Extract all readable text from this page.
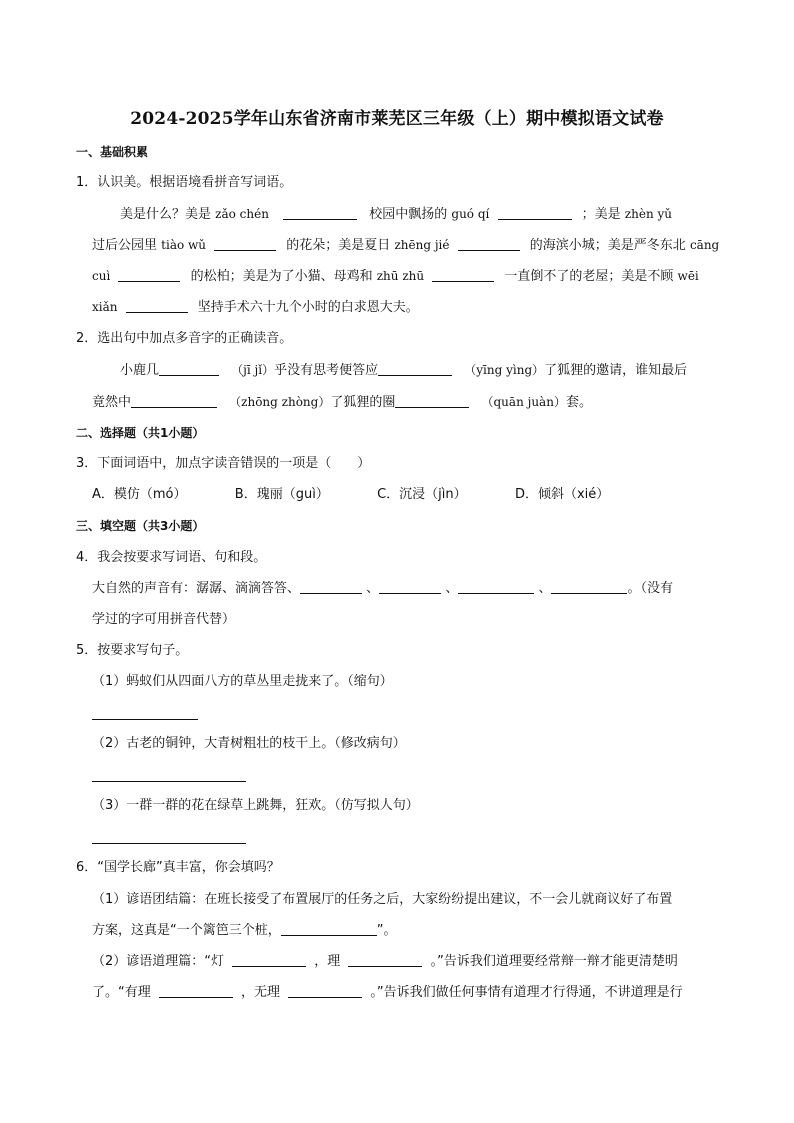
2024-2025学年山东省济南市莱芜区三年级（上）期中模拟语文试卷
一、基础积累
1．认识美。根据语境看拼音写词语。
美是什么？美是 zǎo chén	校园中飘扬的 guó qí	；美是 zhèn yǔ
过后公园里 tiào wǔ	的花朵；美是夏日 zhēng jié	的海滨小城；美是严冬东北 cāng
cuì	的松柏；美是为了小猫、母鸡和 zhū zhū	一直倒不了的老屋；美是不顾 wēi
xiǎn	坚持手术六十九个小时的白求恩大夫。
2．选出句中加点多音字的正确读音。
小鹿几	（jī jǐ）乎没有思考便答应	（yīng yìng）了狐狸的邀请，谁知最后
竟然中	（zhōng zhòng）了狐狸的圈	（quān juàn）套。
二、选择题（共1小题）
3．下面词语中，加点字读音错误的一项是（　　）
A．模仿（mó）	B．瑰丽（guì）	C．沉浸（jìn）	D．倾斜（xié）
三、填空题（共3小题）
4．我会按要求写词语、句和段。
大自然的声音有：潺潺、滴滴答答、	、	、	、	。（没有
学过的字可用拼音代替）
5．按要求写句子。
（1）蚂蚁们从四面八方的草丛里走拢来了。（缩句）
（2）古老的铜钟，大青树粗壮的枝干上。（修改病句）
（3）一群一群的花在绿草上跳舞，狂欢。（仿写拟人句）
6．“国学长廊”真丰富，你会填吗？
（1）谚语团结篇：在班长接受了布置展厅的任务之后，大家纷纷提出建议，不一会儿就商议好了布置
方案，这真是“一个篱笆三个桩，	”。
（2）谚语道理篇：“灯	，理	。”告诉我们道理要经常辩一辩才能更清楚明
了。“有理	，无理	。”告诉我们做任何事情有道理才行得通，不讲道理是行
